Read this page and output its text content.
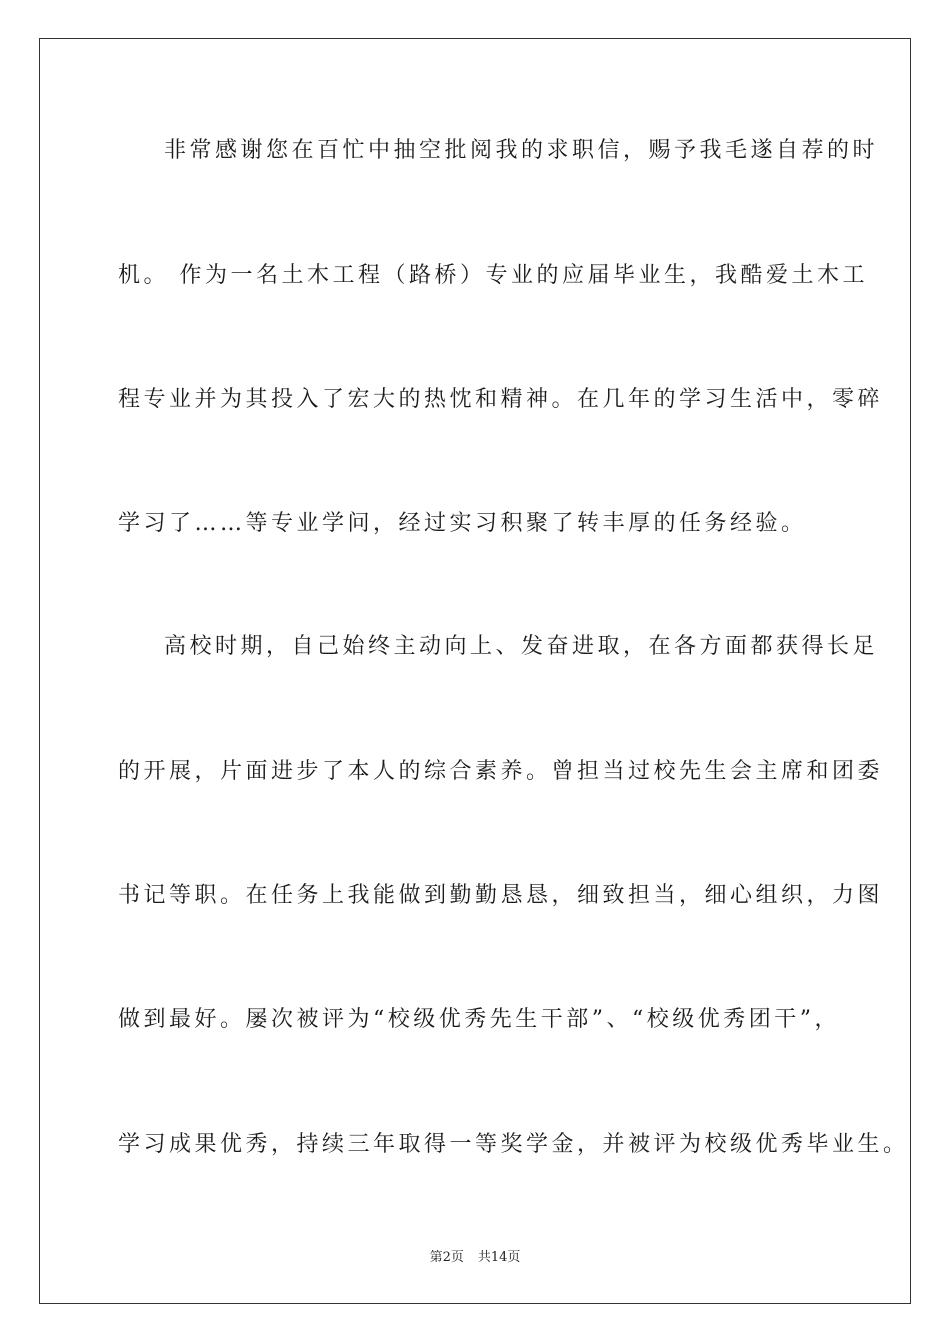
非常感谢您在百忙中抽空批阅我的求职信，赐予我毛遂自荐的时

机。 作为一名土木工程（路桥）专业的应届毕业生，我酷爱土木工

程专业并为其投入了宏大的热忱和精神。在几年的学习生活中，零碎

学习了……等专业学问，经过实习积聚了转丰厚的任务经验。

高校时期，自己始终主动向上、发奋进取，在各方面都获得长足

的开展，片面进步了本人的综合素养。曾担当过校先生会主席和团委

书记等职。在任务上我能做到勤勤恳恳，细致担当，细心组织，力图

做到最好。屡次被评为“校级优秀先生干部”、“校级优秀团干”，

学习成果优秀，持续三年取得一等奖学金，并被评为校级优秀毕业生。

第2页 共14页
